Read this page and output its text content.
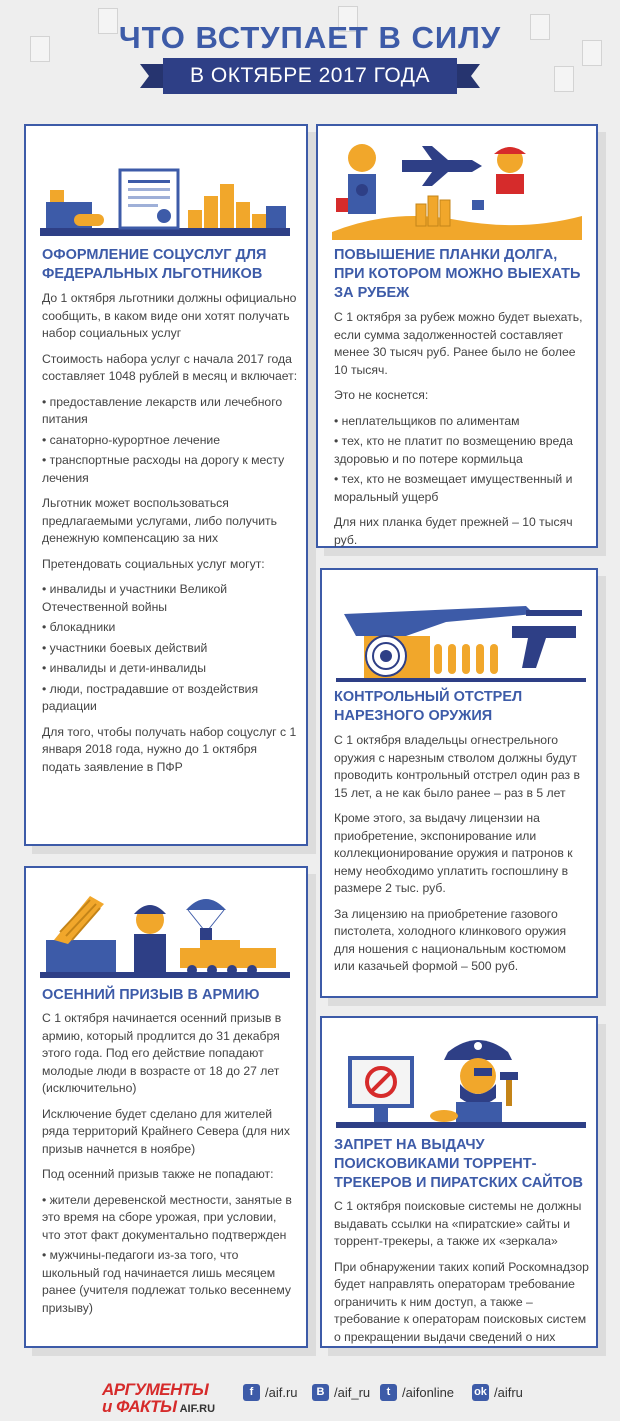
ЧТО ВСТУПАЕТ В СИЛУ
В ОКТЯБРЕ 2017 ГОДА
ОФОРМЛЕНИЕ СОЦУСЛУГ ДЛЯ ФЕДЕРАЛЬНЫХ ЛЬГОТНИКОВ

До 1 октября льготники должны официально сообщить, в каком виде они хотят получать набор социальных услуг

Стоимость набора услуг с начала 2017 года составляет 1048 рублей в месяц и включает:

• предоставление лекарств или лечебного питания
• санаторно-курортное лечение
• транспортные расходы на дорогу к месту лечения

Льготник может воспользоваться предлагаемыми услугами, либо получить денежную компенсацию за них

Претендовать социальных услуг могут:

• инвалиды и участники Великой Отечественной войны
• блокадники
• участники боевых действий
• инвалиды и дети-инвалиды
• люди, пострадавшие от воздействия радиации

Для того, чтобы получать набор соцуслуг с 1 января 2018 года, нужно до 1 октября подать заявление в ПФР

ПОВЫШЕНИЕ ПЛАНКИ ДОЛГА, ПРИ КОТОРОМ МОЖНО ВЫЕХАТЬ ЗА РУБЕЖ

С 1 октября за рубеж можно будет выехать, если сумма задолженностей составляет менее 30 тысяч руб. Ранее было не более 10 тысяч.

Это не коснется:

• неплательщиков по алиментам
• тех, кто не платит по возмещению вреда здоровью и по потере кормильца
• тех, кто не возмещает имущественный и моральный ущерб

Для них планка будет прежней – 10 тысяч руб.

КОНТРОЛЬНЫЙ ОТСТРЕЛ НАРЕЗНОГО ОРУЖИЯ

С 1 октября владельцы огнестрельного оружия с нарезным стволом должны будут проводить контрольный отстрел один раз в 15 лет, а не как было ранее – раз в 5 лет

Кроме этого, за выдачу лицензии на приобретение, экспонирование или коллекционирование оружия и патронов к нему необходимо уплатить госпошлину в размере 2 тыс. руб.

За лицензию на приобретение газового пистолета, холодного клинкового оружия для ношения с национальным костюмом или казачьей формой – 500 руб.

ОСЕННИЙ ПРИЗЫВ В АРМИЮ

С 1 октября начинается осенний призыв в армию, который продлится до 31 декабря этого года. Под его действие попадают молодые люди в возрасте от 18 до 27 лет (исключительно)

Исключение будет сделано для жителей ряда территорий Крайнего Севера (для них призыв начнется в ноябре)

Под осенний призыв также не попадают:

• жители деревенской местности, занятые в это время на сборе урожая, при условии, что этот факт документально подтвержден
• мужчины-педагоги из-за того, что школьный год начинается лишь месяцем ранее (учителя подлежат только весеннему призыву)
ЗАПРЕТ НА ВЫДАЧУ ПОИСКОВИКАМИ ТОРРЕНТ-ТРЕКЕРОВ И ПИРАТСКИХ САЙТОВ

С 1 октября поисковые системы не должны выдавать ссылки на «пиратские» сайты и торрент-трекеры, а также их «зеркала»

При обнаружении таких копий Роскомнадзор будет направлять операторам требование ограничить к ним доступ, а также – требование к операторам поисковых систем о прекращении выдачи сведений о них

АРГУМЕНТЫ
и ФАКТЫ AIF.RU
f /aif.ru	В /aif_ru	t /aifonline ok /aifru
